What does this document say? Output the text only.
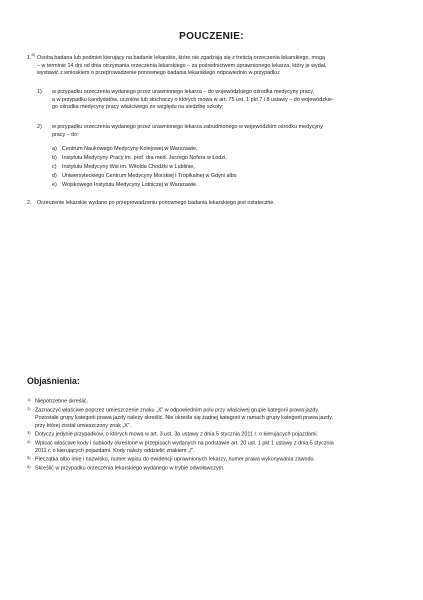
POUCZENIE:
1.$^{6)}$
Osoba badana lub podmiot kierujący na badanie lekarskie, które nie zgadzają się z treścią orzeczenia lekarskiego, mogą
– w terminie 14 dni od dnia otrzymania orzeczenia lekarskiego – za pośrednictwem uprawnionego lekarza, który je wydał,
wystawić z wnioskiem o przeprowadzenie ponownego badania lekarskiego odpowiednio w przypadku:
1) w przypadku orzeczenia wydanego przez urawnionego lekarza – do wojewódzkiego ośrodka medycyny pracy,
a w przypadku kandydatów, uczniów lub słuchaczy o których mowa w art. 75 ust. 1 pkt 7 i 8 ustawy – do wojewódzkie-
go ośrodka medycyny pracy właściwego ze względu na siedzibę szkoły;
2) w przypadku orzeczenia wydanego przez urawnionego lekarza zatrudnionego w wojewódzkim ośrodku medycyny
pracy – do:
a) Centrum Naukowego Medycyny Kolejowej w Warszawie,
b) Instytutu Medycyny Pracy im. prof. dra med. Jerzego Nofera w Łodzi,
c) Instytutu Medycyny Wsi im. Witolda Chodźki w Lublinie,
d) Uniwersyteckiego Centrum Medycyny Morskiej i Tropikalnej w Gdyni albo
e) Wojskowego Instytutu Medycyny Lotniczej w Warszawie.
2. Orzeczenie lekarskie wydane po przeprowadzeniu ponownego badania lekarskiego jest ostateczne.
Objaśnienia:
1) Niepotrzebne skreślić.
2) Zaznaczyć właściwe poprzez umieszczenie znaku „X” w odpowiednim polu przy właściwej grupie kategorii prawa jazdy.
Pozostałe grupy kategorii prawa jazdy należy skreślić. Nie określa się żadnej kategorii w ramach grupy kategorii prawa jazdy,
przy której został umieszczony znak „X”.
3) Dotyczy jedynie przypadków, o których mowa w art. 3 ust. 3a ustawy z dnia 5 stycznia 2011 r. o kierujących pojazdami.
4) Wpisać właściwe kody i subkody określone w przepisach wydanych na podstawie art. 20 ust. 1 pkt 1 ustawy z dnia 5 stycznia
2011 r. o kierujących pojazdami. Kody należy oddzielić znakiem „/”.
5) Pieczątka albo imię i nazwisko, numer wpisu do ewidencji uprawnionych lekarzy, numer prawa wykonywania zawodu.
6) Skreślić w przypadku orzeczenia lekarskiego wydanego w trybie odwoławczym.
